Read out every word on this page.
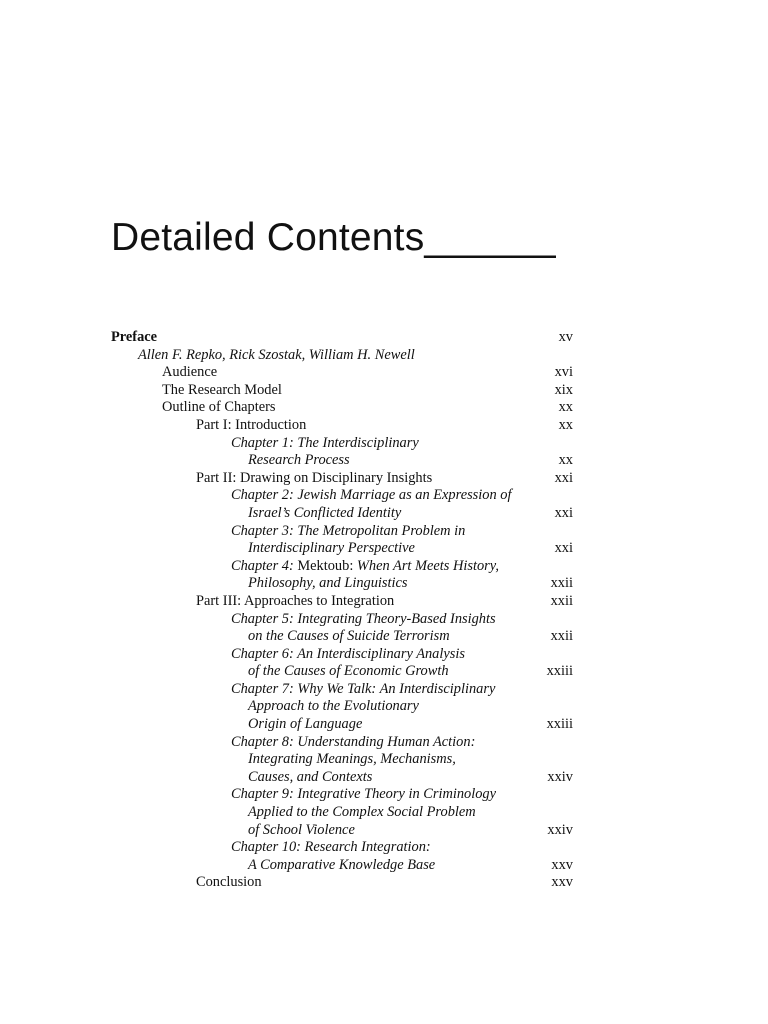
Detailed Contents______
Preface	xv
Allen F. Repko, Rick Szostak, William H. Newell
Audience	xvi
The Research Model	xix
Outline of Chapters	xx
Part I: Introduction	xx
Chapter 1: The Interdisciplinary
Research Process	xx
Part II: Drawing on Disciplinary Insights	xxi
Chapter 2: Jewish Marriage as an Expression of
Israel’s Conflicted Identity	xxi
Chapter 3: The Metropolitan Problem in
Interdisciplinary Perspective	xxi
Chapter 4: Mektoub: When Art Meets History,
Philosophy, and Linguistics	xxii
Part III: Approaches to Integration	xxii
Chapter 5: Integrating Theory-Based Insights
on the Causes of Suicide Terrorism	xxii
Chapter 6: An Interdisciplinary Analysis
of the Causes of Economic Growth	xxiii
Chapter 7: Why We Talk: An Interdisciplinary
Approach to the Evolutionary
Origin of Language	xxiii
Chapter 8: Understanding Human Action:
Integrating Meanings, Mechanisms,
Causes, and Contexts	xxiv
Chapter 9: Integrative Theory in Criminology
Applied to the Complex Social Problem
of School Violence	xxiv
Chapter 10: Research Integration:
A Comparative Knowledge Base	xxv
Conclusion	xxv
